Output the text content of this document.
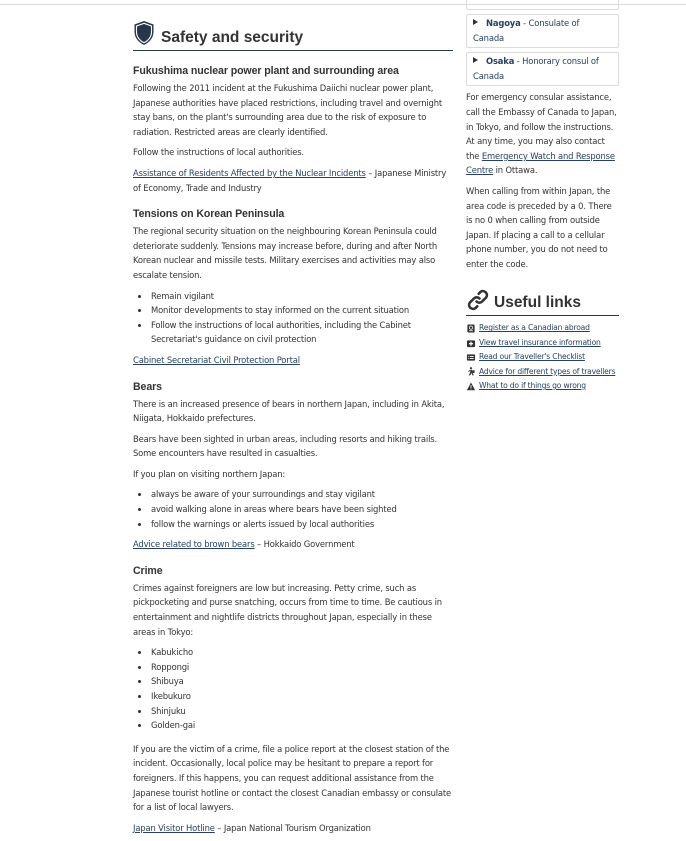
Safety and security
Fukushima nuclear power plant and surrounding area

Following the 2011 incident at the Fukushima Daiichi nuclear power plant, Japanese authorities have placed restrictions, including travel and overnight stay bans, on the plant's surrounding area due to the risk of exposure to radiation. Restricted areas are clearly identified.

Follow the instructions of local authorities.

Assistance of Residents Affected by the Nuclear Incidents – Japanese Ministry of Economy, Trade and Industry

Tensions on Korean Peninsula

The regional security situation on the neighbouring Korean Peninsula could deteriorate suddenly. Tensions may increase before, during and after North Korean nuclear and missile tests. Military exercises and activities may also escalate tension.

Remain vigilant
Monitor developments to stay informed on the current situation
Follow the instructions of local authorities, including the Cabinet Secretariat's guidance on civil protection

Cabinet Secretariat Civil Protection Portal

Bears

There is an increased presence of bears in northern Japan, including in Akita, Niigata, Hokkaido prefectures.

Bears have been sighted in urban areas, including resorts and hiking trails. Some encounters have resulted in casualties.

If you plan on visiting northern Japan:

always be aware of your surroundings and stay vigilant
avoid walking alone in areas where bears have been sighted
follow the warnings or alerts issued by local authorities

Advice related to brown bears – Hokkaido Government

Crime

Crimes against foreigners are low but increasing. Petty crime, such as pickpocketing and purse snatching, occurs from time to time. Be cautious in entertainment and nightlife districts throughout Japan, especially in these areas in Tokyo:

Kabukicho
Roppongi
Shibuya
Ikebukuro
Shinjuku
Golden-gai

If you are the victim of a crime, file a police report at the closest station of the incident. Occasionally, local police may be hesitant to prepare a report for foreigners. If this happens, you can request additional assistance from the Japanese tourist hotline or contact the closest Canadian embassy or consulate for a list of local lawyers.

Japan Visitor Hotline – Japan National Tourism Organization

Nagoya - Consulate of Canada
Osaka - Honorary consul of Canada

For emergency consular assistance, call the Embassy of Canada to Japan, in Tokyo, and follow the instructions. At any time, you may also contact the Emergency Watch and Response Centre in Ottawa.

When calling from within Japan, the area code is preceded by a 0. There is no 0 when calling from outside Japan. If placing a call to a cellular phone number, you do not need to enter the code.

Useful links
Register as a Canadian abroad
View travel insurance information
Read our Traveller's Checklist
Advice for different types of travellers
What to do if things go wrong
